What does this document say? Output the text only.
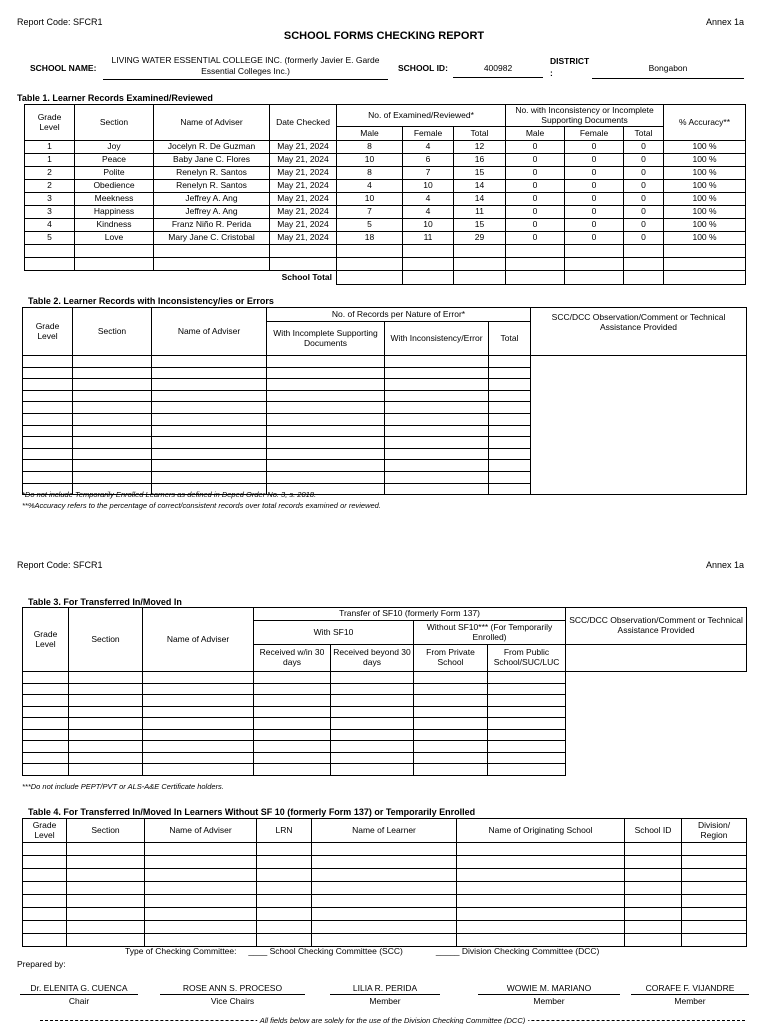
Report Code: SFCR1	Annex 1a
SCHOOL FORMS CHECKING REPORT
SCHOOL NAME:
LIVING WATER ESSENTIAL COLLEGE INC. (formerly Javier E. Garde Essential Colleges Inc.)	SCHOOL ID:	400982
DISTRICT
:	Bongabon
Table 1. Learner Records Examined/Reviewed
Grade Level	Section	Name of Adviser	Date Checked	No. of Examined/Reviewed*			No. with Inconsistency or Incomplete Supporting Documents			% Accuracy**
				Male	Female	Total	Male	Female	Total	
1	Joy	Jocelyn R. De Guzman	May 21, 2024	8	4	12	0	0	0	100 %
1	Peace	Baby Jane C. Flores	May 21, 2024	10	6	16	0	0	0	100 %
2	Polite	Renelyn R. Santos	May 21, 2024	8	7	15	0	0	0	100 %
2	Obedience	Renelyn R. Santos	May 21, 2024	4	10	14	0	0	0	100 %
3	Meekness	Jeffrey A. Ang	May 21, 2024	10	4	14	0	0	0	100 %
3	Happiness	Jeffrey A. Ang	May 21, 2024	7	4	11	0	0	0	100 %
4	Kindness	Franz Niño R. Perida	May 21, 2024	5	10	15	0	0	0	100 %
5	Love	Mary Jane C. Cristobal	May 21, 2024	18	11	29	0	0	0	100 %

School Total										
Table 2. Learner Records with Inconsistency/ies or Errors
Grade Level	Section	Name of Adviser	No. of Records per Nature of Error*			SCC/DCC Observation/Comment or Technical Assistance Provided
			With Incomplete Supporting Documents	With Inconsistency/Error	Total	

*Do not include Temporarily Enrolled Learners as defined in Deped Order No. 3, s. 2018.
**%Accuracy refers to the percentage of correct/consistent records over total records examined or reviewed.
Report Code: SFCR1	Annex 1a
Table 3. For Transferred In/Moved In
Grade Level	Section	Name of Adviser	Transfer of SF10 (formerly Form 137)				SCC/DCC Observation/Comment or Technical Assistance Provided
			With SF10		Without SF10*** (For Temporarily Enrolled)		
			Received w/in 30 days	Received beyond 30 days	From Private School	From Public School/SUC/LUC	

***Do not include PEPT/PVT or ALS-A&E Certificate holders.
Table 4. For Transferred In/Moved In Learners Without SF 10 (formerly Form 137) or Temporarily Enrolled
Grade Level	Section	Name of Adviser	LRN	Name of Learner	Name of Originating School	School ID	Division/ Region

Type of Checking Committee: ____ School Checking Committee (SCC)	_____ Division Checking Committee (DCC)
Prepared by:
Dr. ELENITA G. CUENCA
Chair
ROSE ANN S. PROCESO
Vice Chairs
LILIA R. PERIDA
Member
WOWIE M. MARIANO
Member
CORAFE F. VIJANDRE
Member
All fields below are solely for the use of the Division Checking Committee (DCC)
